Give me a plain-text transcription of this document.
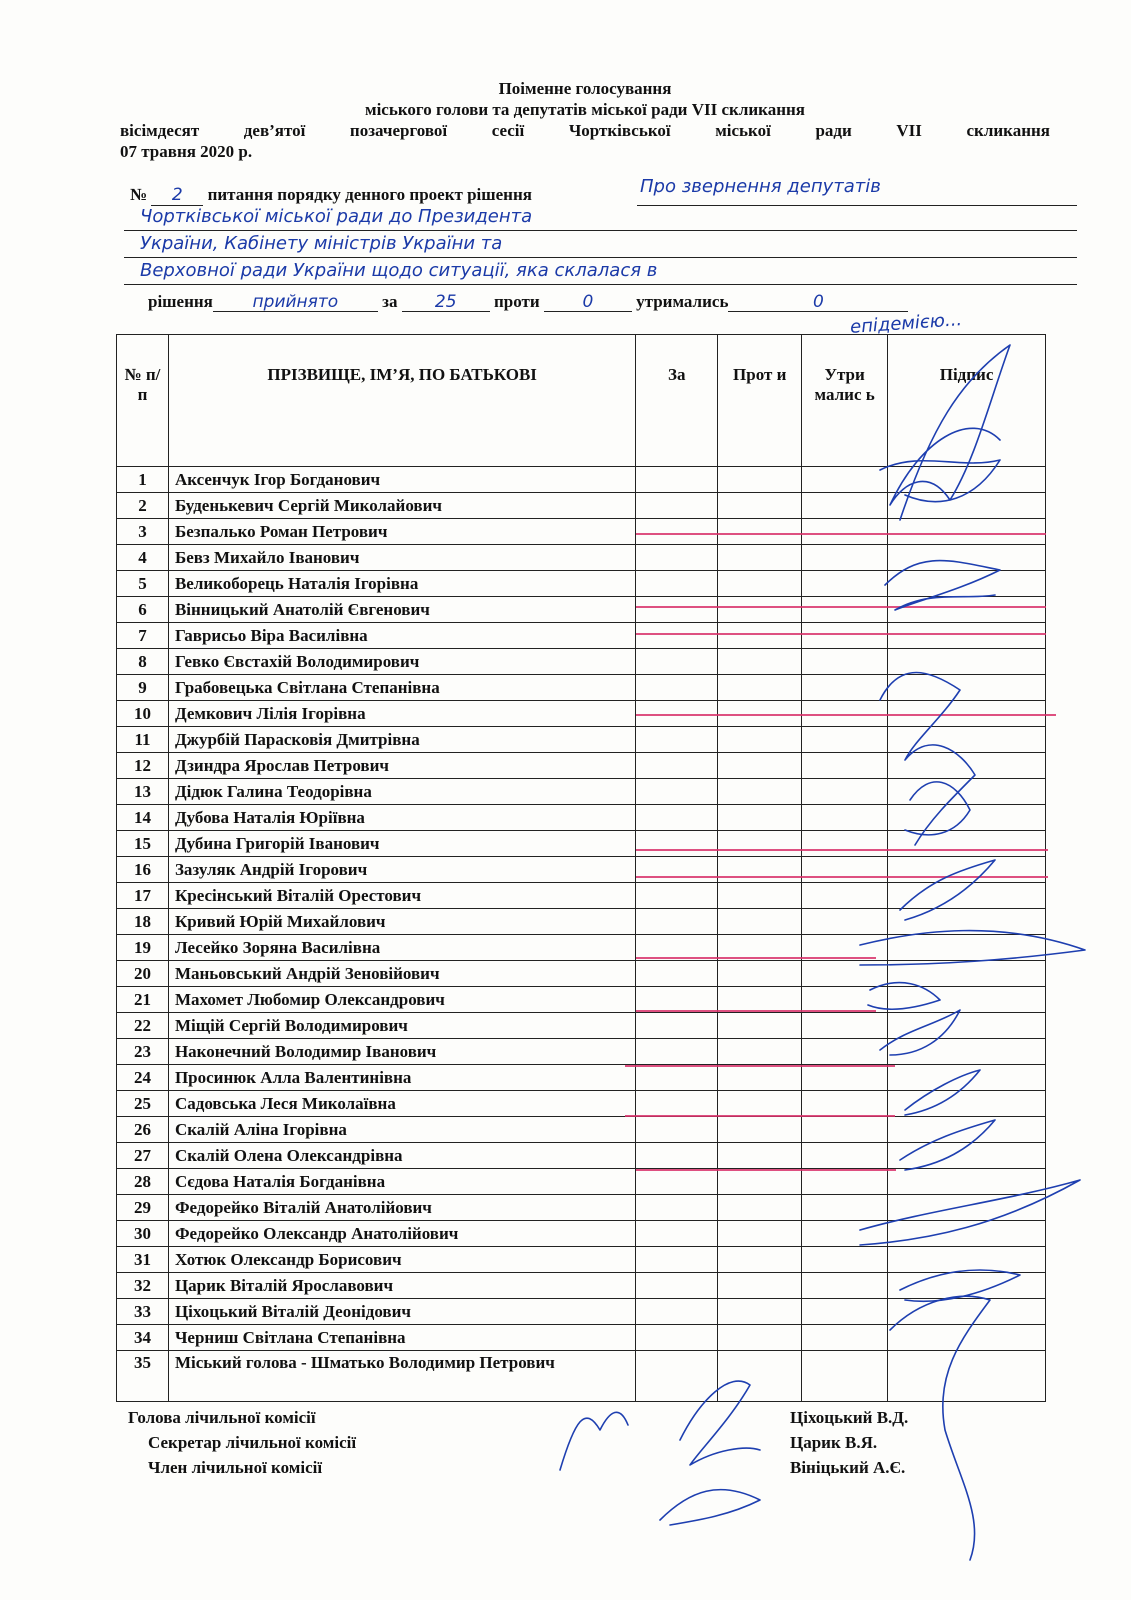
Поіменне голосування
міського голови та депутатів міської ради VII скликання
вісімдесят дев’ятої позачергової сесії Чортківської міської ради VII скликання
07 травня 2020 р.
№ 2 питання порядку денного проект рішення	Про звернення депутатів
Чортківської міської ради до Президента
України, Кабінету міністрів України та
Верховної ради України щодо ситуації, яка склалася в
рішення прийнято	за 25 проти	0	утримались	0
епідемією...
№ п/п	ПРІЗВИЩЕ, ІМ’Я, ПО БАТЬКОВІ	За	Прот и	Утри малис ь	Підпис
1	Аксенчук Ігор Богданович				
2	Буденькевич Сергій Миколайович				
3	Безпалько Роман Петрович				
4	Бевз Михайло Іванович				
5	Великоборець Наталія Ігорівна				
6	Вінницький Анатолій Євгенович				
7	Гаврисьо Віра Василівна				
8	Гевко Євстахій Володимирович				
9	Грабовецька Світлана Степанівна				
10	Демкович Лілія Ігорівна				
11	Джурбій Парасковія Дмитрівна				
12	Дзиндра Ярослав Петрович				
13	Дідюк Галина Теодорівна				
14	Дубова Наталія Юріївна				
15	Дубина Григорій Іванович				
16	Зазуляк Андрій Ігорович				
17	Кресінський Віталій Орестович				
18	Кривий Юрій Михайлович				
19	Лесейко Зоряна Василівна				
20	Маньовський Андрій Зеновійович				
21	Махомет Любомир Олександрович				
22	Міщій Сергій Володимирович				
23	Наконечний Володимир Іванович				
24	Просинюк Алла Валентинівна				
25	Садовська Леся Миколаївна				
26	Скалій Аліна Ігорівна				
27	Скалій Олена Олександрівна				
28	Сєдова Наталія Богданівна				
29	Федорейко Віталій Анатолійович				
30	Федорейко Олександр Анатолійович				
31	Хотюк Олександр Борисович				
32	Царик Віталій Ярославович				
33	Ціхоцький Віталій Деонідович				
34	Черниш Світлана Степанівна				
35	Міський голова - Шматько Володимир Петрович				
Голова лічильної комісії
Секретар лічильної комісії
Член лічильної комісії
Ціхоцький В.Д.
Царик В.Я.
Вініцький А.Є.
